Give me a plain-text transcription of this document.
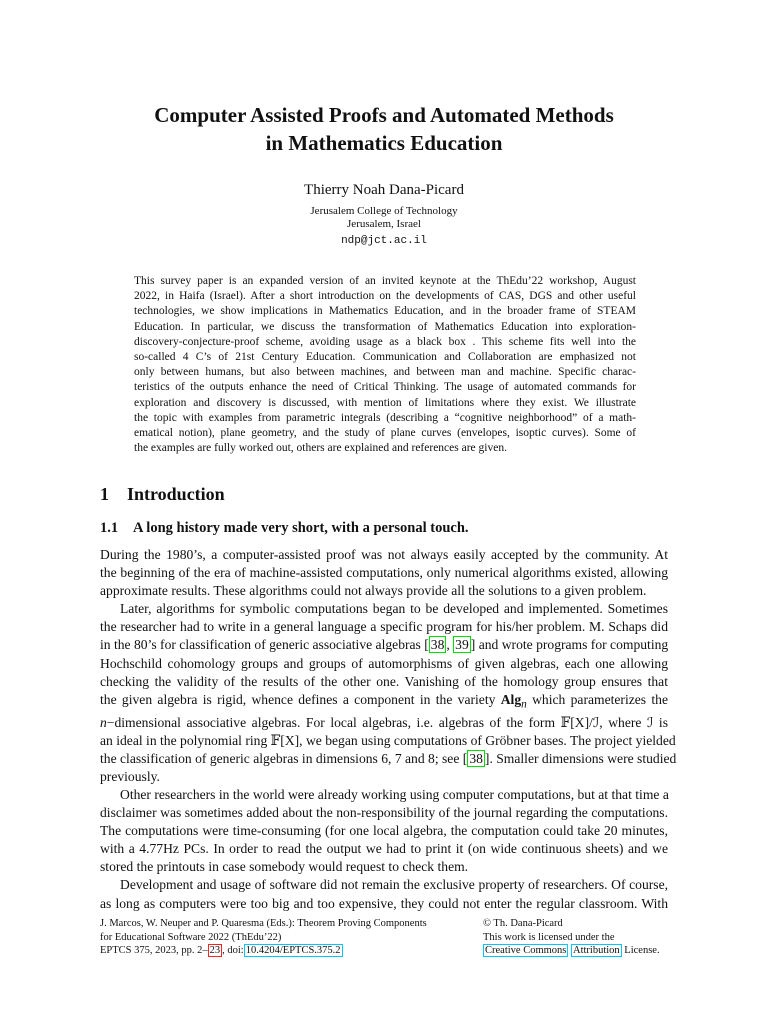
Computer Assisted Proofs and Automated Methods
in Mathematics Education
Thierry Noah Dana-Picard
Jerusalem College of Technology
Jerusalem, Israel
ndp@jct.ac.il
This survey paper is an expanded version of an invited keynote at the ThEdu’22 workshop, August
2022, in Haifa (Israel). After a short introduction on the developments of CAS, DGS and other useful
technologies, we show implications in Mathematics Education, and in the broader frame of STEAM
Education. In particular, we discuss the transformation of Mathematics Education into exploration-
discovery-conjecture-proof scheme, avoiding usage as a black box . This scheme fits well into the
so-called 4 C’s of 21st Century Education. Communication and Collaboration are emphasized not
only between humans, but also between machines, and between man and machine. Specific charac-
teristics of the outputs enhance the need of Critical Thinking. The usage of automated commands for
exploration and discovery is discussed, with mention of limitations where they exist. We illustrate
the topic with examples from parametric integrals (describing a “cognitive neighborhood” of a math-
ematical notion), plane geometry, and the study of plane curves (envelopes, isoptic curves). Some of
the examples are fully worked out, others are explained and references are given.
1 Introduction
1.1 A long history made very short, with a personal touch.
During the 1980’s, a computer-assisted proof was not always easily accepted by the community. At
the beginning of the era of machine-assisted computations, only numerical algorithms existed, allowing
approximate results. These algorithms could not always provide all the solutions to a given problem.
Later, algorithms for symbolic computations began to be developed and implemented. Sometimes
the researcher had to write in a general language a specific program for his/her problem. M. Schaps did
in the 80’s for classification of generic associative algebras [ 38 , 39 ] and wrote programs for computing
Hochschild cohomology groups and groups of automorphisms of given algebras, each one allowing
checking the validity of the results of the other one. Vanishing of the homology group ensures that
the given algebra is rigid, whence defines a component in the variety Alg$_n$ which parameterizes the
n−dimensional associative algebras. For local algebras, i.e. algebras of the form 𝔽[X]/ℐ, where ℐ is
an ideal in the polynomial ring 𝔽[X], we began using computations of Gröbner bases. The project yielded
the classification of generic algebras in dimensions 6, 7 and 8; see [ 38 ]. Smaller dimensions were studied
previously.
Other researchers in the world were already working using computer computations, but at that time a
disclaimer was sometimes added about the non-responsibility of the journal regarding the computations.
The computations were time-consuming (for one local algebra, the computation could take 20 minutes,
with a 4.77Hz PCs. In order to read the output we had to print it (on wide continuous sheets) and we
stored the printouts in case somebody would request to check them.
Development and usage of software did not remain the exclusive property of researchers. Of course,
as long as computers were too big and too expensive, they could not enter the regular classroom. With
J. Marcos, W. Neuper and P. Quaresma (Eds.): Theorem Proving Components
for Educational Software 2022 (ThEdu’22)
EPTCS 375, 2023, pp. 2– 23 , doi: 10.4204/EPTCS.375.2
© Th. Dana-Picard
This work is licensed under the
Creative Commons Attribution License.
